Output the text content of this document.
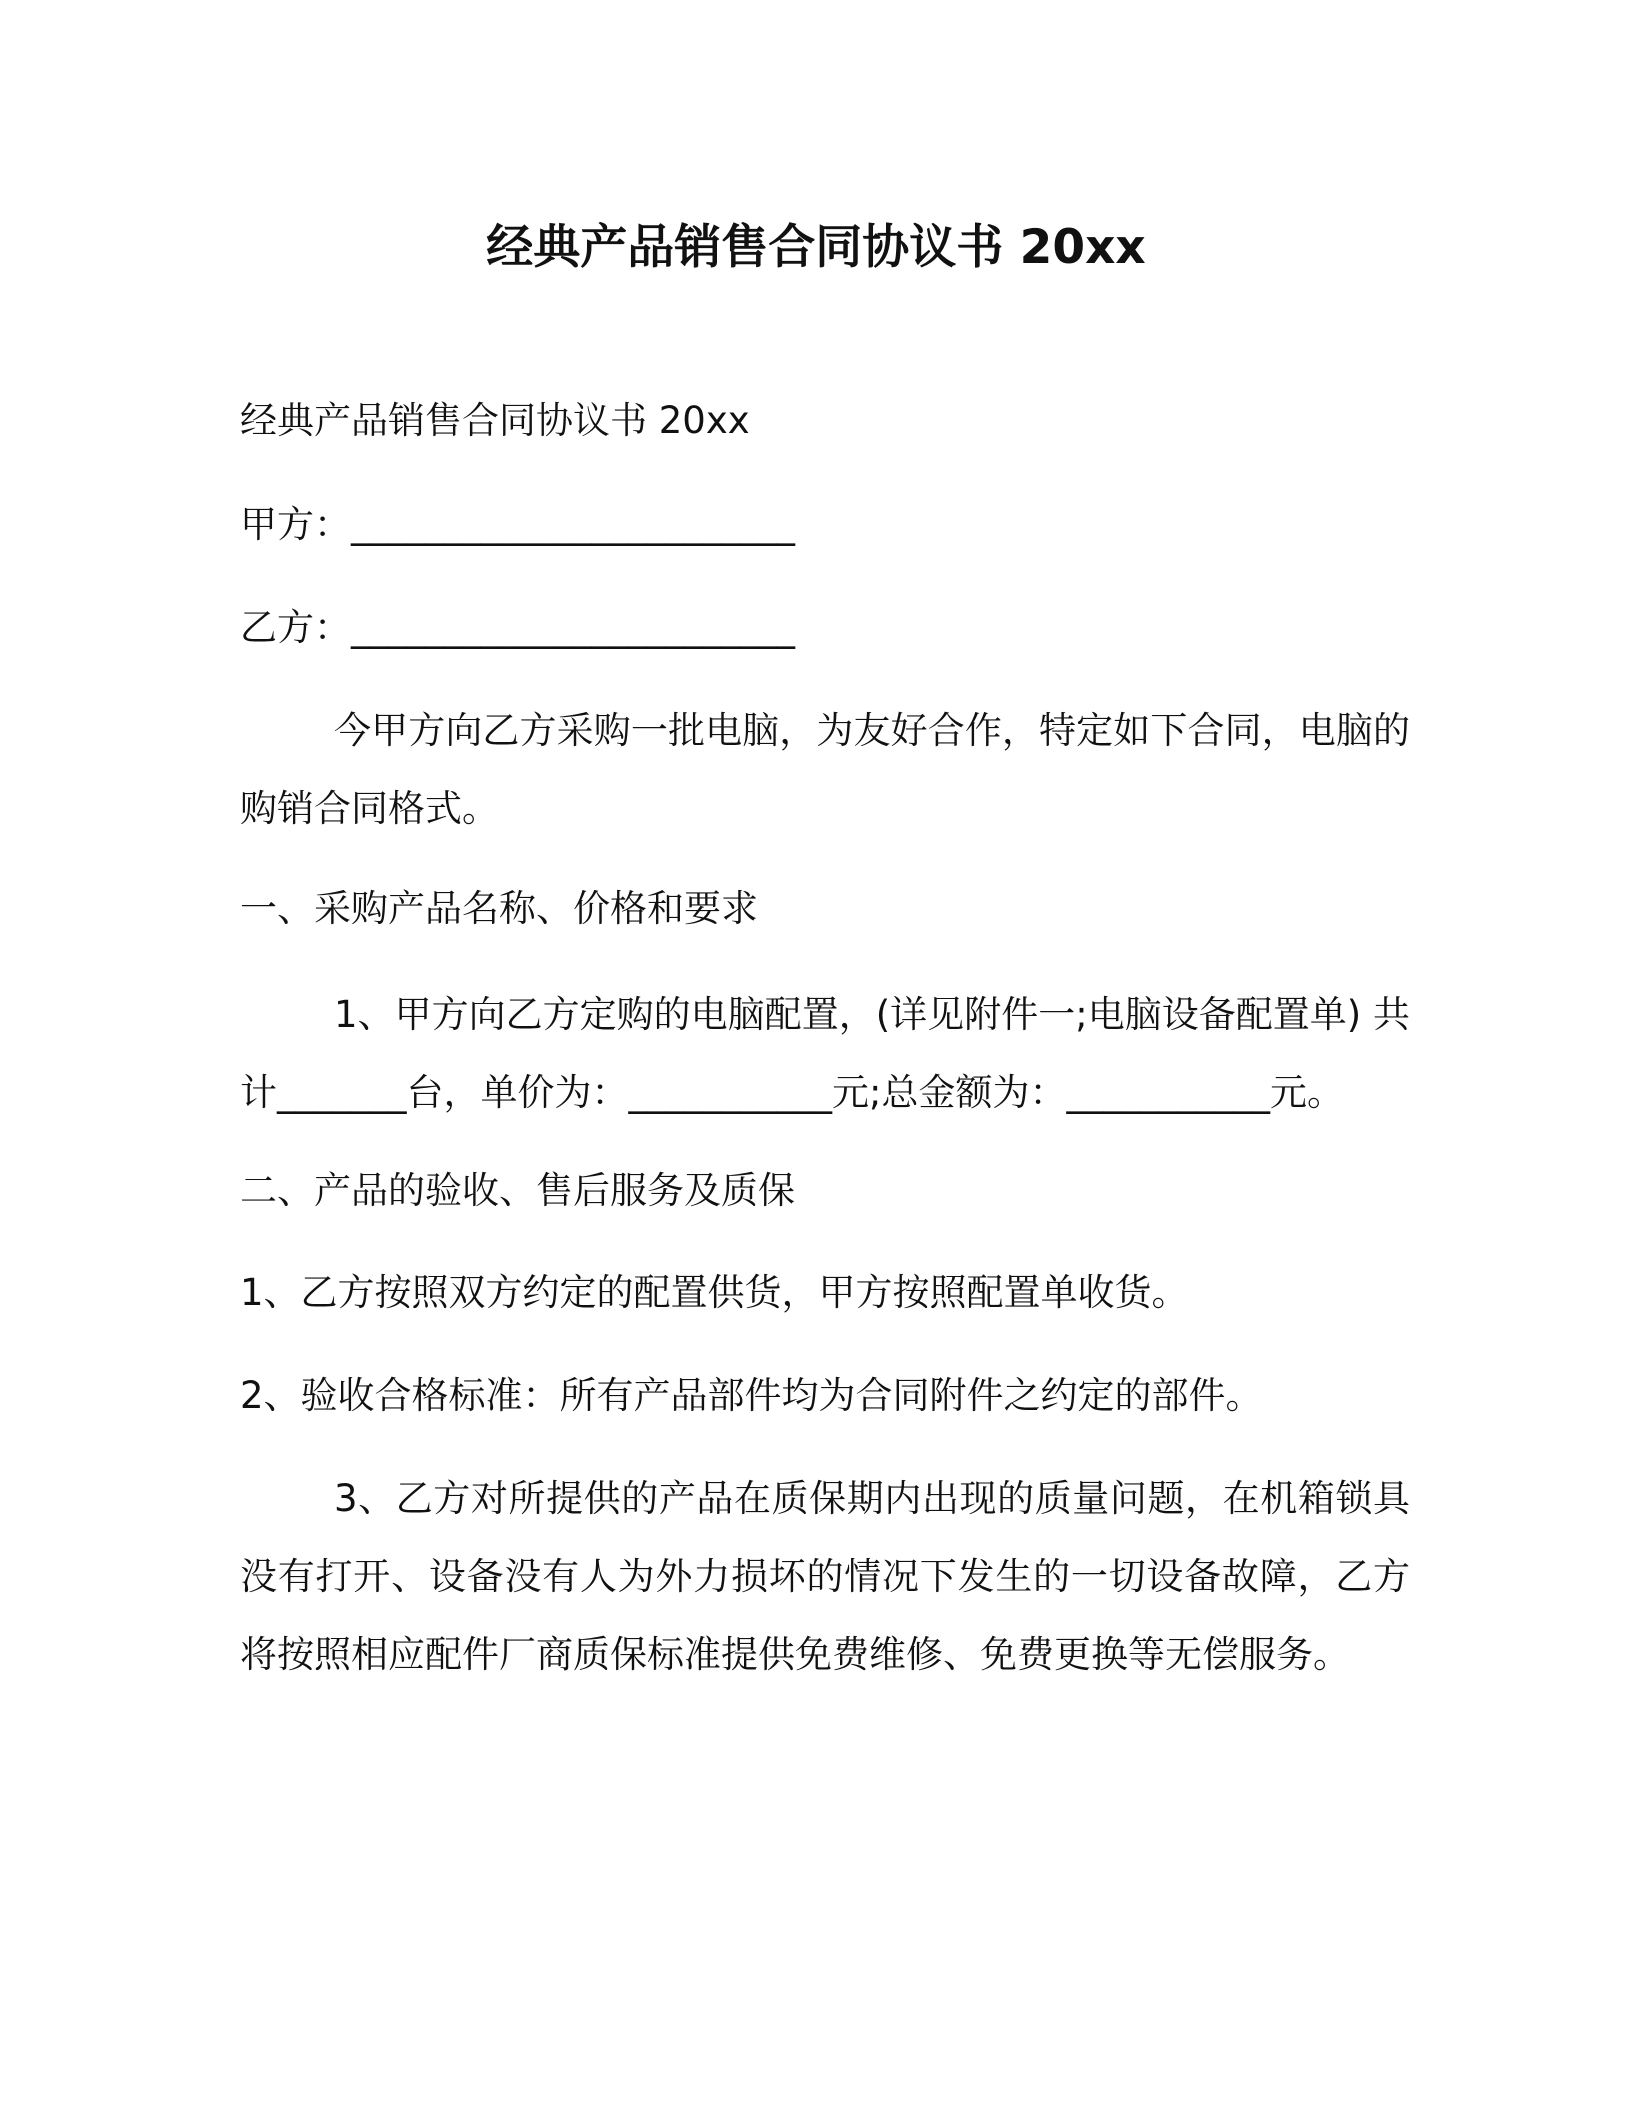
经典产品销售合同协议书 20xx
经典产品销售合同协议书 20xx
甲方：________________________
乙方：________________________

今甲方向乙方采购一批电脑，为友好合作，特定如下合同，电脑的购销合同格式。

一、采购产品名称、价格和要求

1、甲方向乙方定购的电脑配置，(详见附件一;电脑设备配置单) 共计_______台，单价为：___________元;总金额为：___________元。

二、产品的验收、售后服务及质保
1、乙方按照双方约定的配置供货，甲方按照配置单收货。
2、验收合格标准：所有产品部件均为合同附件之约定的部件。

3、乙方对所提供的产品在质保期内出现的质量问题，在机箱锁具没有打开、设备没有人为外力损坏的情况下发生的一切设备故障，乙方将按照相应配件厂商质保标准提供免费维修、免费更换等无偿服务。
